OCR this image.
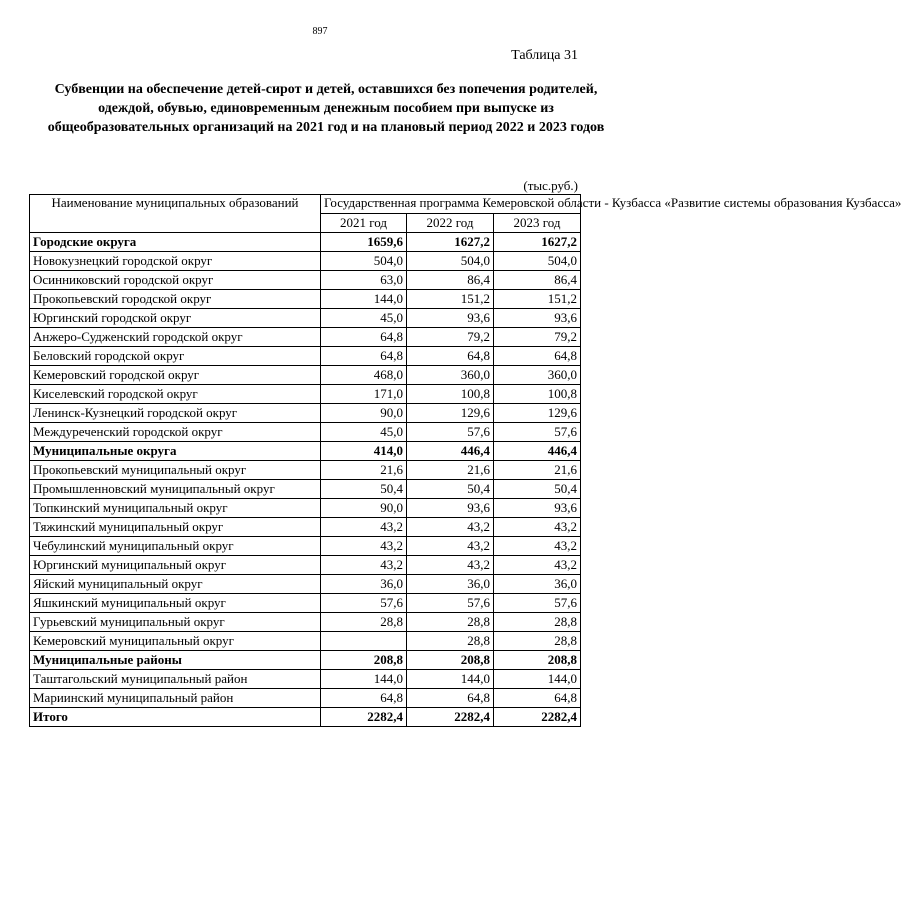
897
Таблица 31
Субвенции на обеспечение детей-сирот и детей, оставшихся без попечения родителей, одеждой, обувью, единовременным денежным пособием при выпуске из общеобразовательных организаций на 2021 год и на плановый период 2022 и 2023 годов
(тыс.руб.)
Наименование муниципальных образований	Государственная программа Кемеровской области - Кузбасса «Развитие системы образования Кузбасса»		
	2021 год	2022 год	2023 год
Городские округа	1659,6	1627,2	1627,2
Новокузнецкий городской округ	504,0	504,0	504,0
Осинниковский городской округ	63,0	86,4	86,4
Прокопьевский городской округ	144,0	151,2	151,2
Юргинский городской округ	45,0	93,6	93,6
Анжеро-Судженский городской округ	64,8	79,2	79,2
Беловский городской округ	64,8	64,8	64,8
Кемеровский городской округ	468,0	360,0	360,0
Киселевский городской округ	171,0	100,8	100,8
Ленинск-Кузнецкий городской округ	90,0	129,6	129,6
Междуреченский городской округ	45,0	57,6	57,6
Муниципальные округа	414,0	446,4	446,4
Прокопьевский муниципальный округ	21,6	21,6	21,6
Промышленновский муниципальный округ	50,4	50,4	50,4
Топкинский муниципальный округ	90,0	93,6	93,6
Тяжинский муниципальный округ	43,2	43,2	43,2
Чебулинский муниципальный округ	43,2	43,2	43,2
Юргинский муниципальный округ	43,2	43,2	43,2
Яйский муниципальный округ	36,0	36,0	36,0
Яшкинский муниципальный округ	57,6	57,6	57,6
Гурьевский муниципальный округ	28,8	28,8	28,8
Кемеровский муниципальный округ		28,8	28,8
Муниципальные районы	208,8	208,8	208,8
Таштагольский муниципальный район	144,0	144,0	144,0
Мариинский муниципальный район	64,8	64,8	64,8
Итого	2282,4	2282,4	2282,4
